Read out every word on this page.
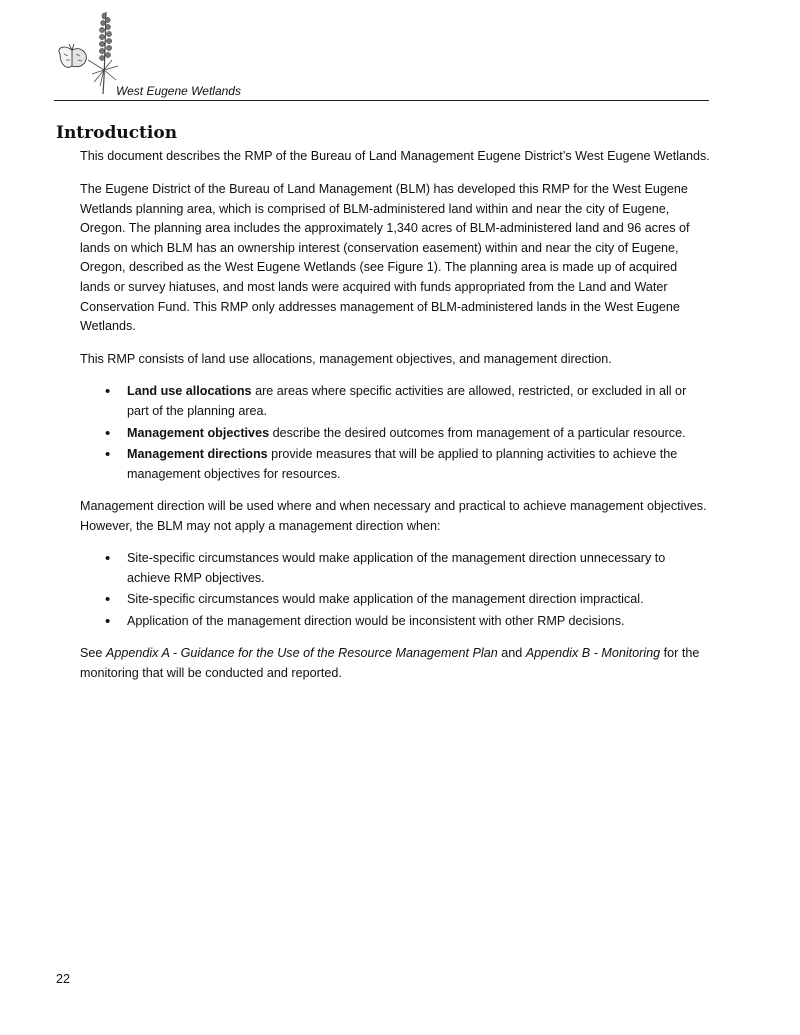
West Eugene Wetlands
Introduction

This document describes the RMP of the Bureau of Land Management Eugene District’s West Eugene Wetlands.

The Eugene District of the Bureau of Land Management (BLM) has developed this RMP for the West Eugene Wetlands planning area, which is comprised of BLM-administered land within and near the city of Eugene, Oregon. The planning area includes the approximately 1,340 acres of BLM-administered land and 96 acres of lands on which BLM has an ownership interest (conservation easement) within and near the city of Eugene, Oregon, described as the West Eugene Wetlands (see Figure 1). The planning area is made up of acquired lands or survey hiatuses, and most lands were acquired with funds appropriated from the Land and Water Conservation Fund. This RMP only addresses management of BLM-administered lands in the West Eugene Wetlands.

This RMP consists of land use allocations, management objectives, and management direction.

• Land use allocations are areas where specific activities are allowed, restricted, or excluded in all or part of the planning area.
• Management objectives describe the desired outcomes from management of a particular resource.
• Management directions provide measures that will be applied to planning activities to achieve the management objectives for resources.

Management direction will be used where and when necessary and practical to achieve management objectives. However, the BLM may not apply a management direction when:

• Site-specific circumstances would make application of the management direction unnecessary to achieve RMP objectives.
• Site-specific circumstances would make application of the management direction impractical.
• Application of the management direction would be inconsistent with other RMP decisions.

See Appendix A - Guidance for the Use of the Resource Management Plan and Appendix B - Monitoring for the monitoring that will be conducted and reported.

22
